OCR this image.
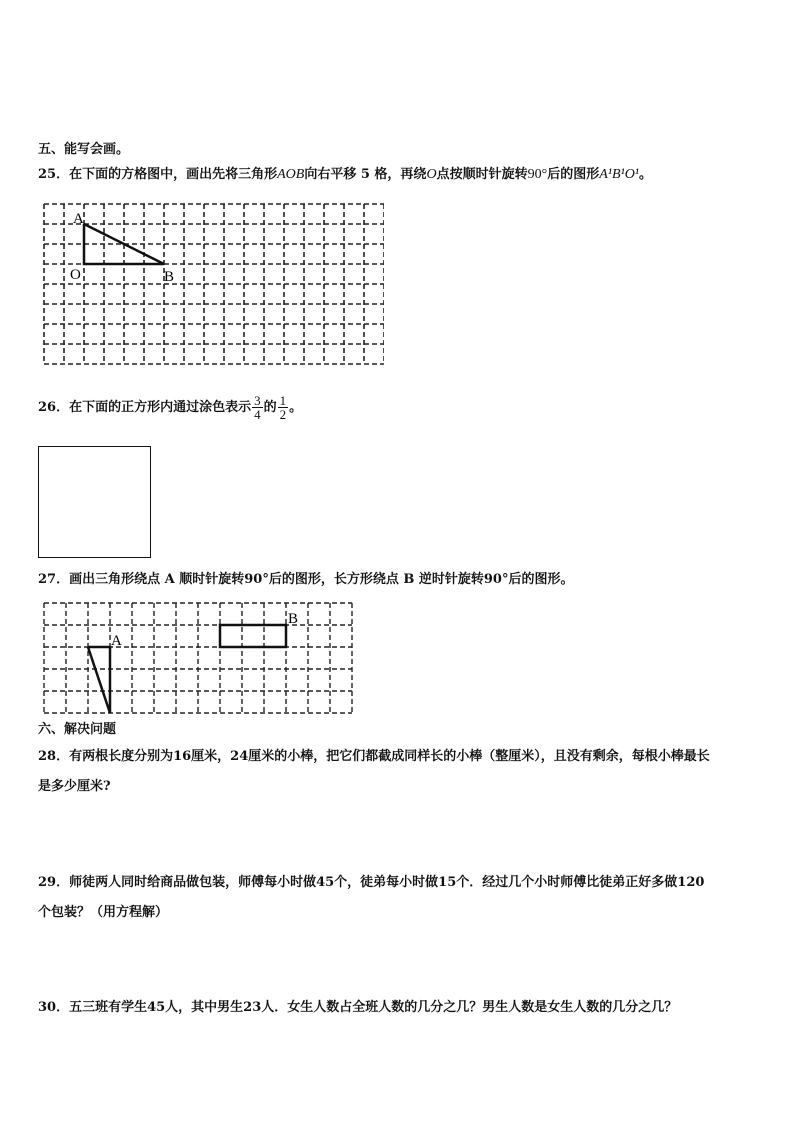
五、能写会画。
25．在下面的方格图中，画出先将三角形AOB向右平移 5 格，再绕O点按顺时针旋转90°后的图形A¹B¹O¹。
A
O	B
26．在下面的正方形内通过涂色表示 $\frac{3}{4}$ 的 $\frac{1}{2}$ 。
27．画出三角形绕点 A 顺时针旋转90°后的图形，长方形绕点 B 逆时针旋转90°后的图形。
A
B
六、解决问题
28．有两根长度分别为16厘米，24厘米的小棒，把它们都截成同样长的小棒（整厘米），且没有剩余，每根小棒最长
是多少厘米?
29．师徒两人同时给商品做包装，师傅每小时做45个，徒弟每小时做15个．经过几个小时师傅比徒弟正好多做120
个包装？（用方程解）
30．五三班有学生45人，其中男生23人．女生人数占全班人数的几分之几？男生人数是女生人数的几分之几？
